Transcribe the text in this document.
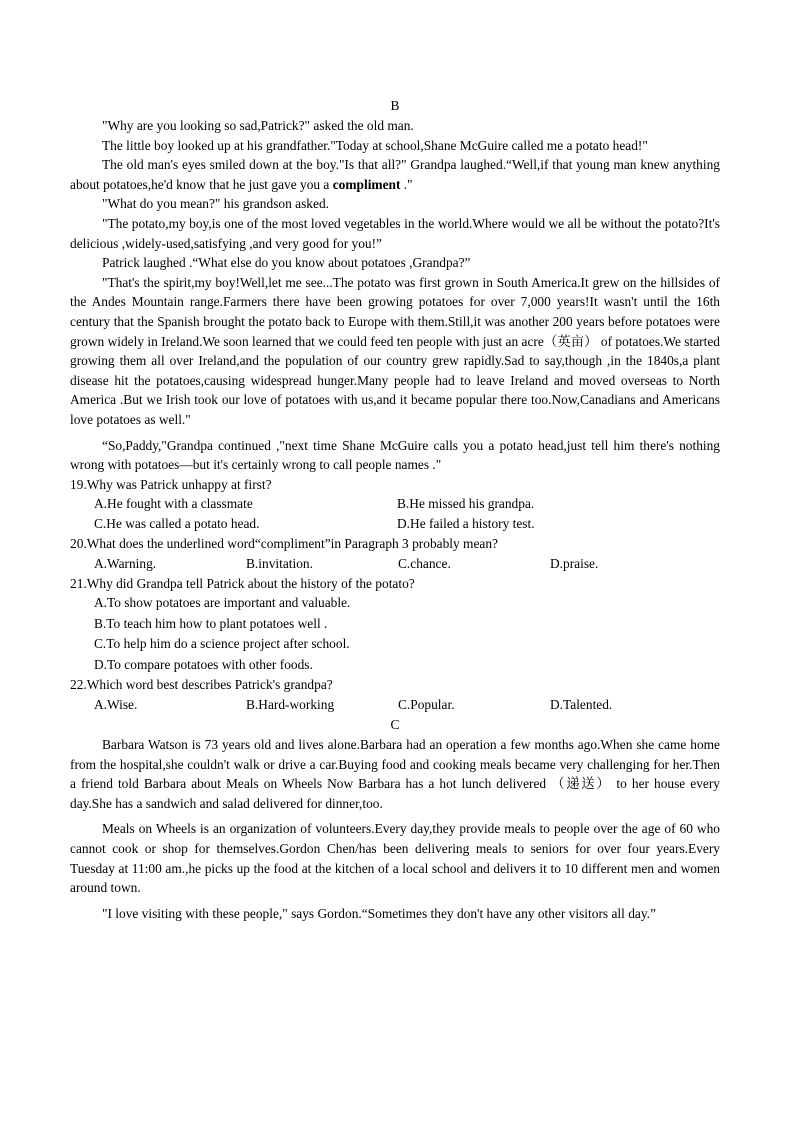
B

"Why are you looking so sad,Patrick?" asked the old man.

The little boy looked up at his grandfather."Today at school,Shane McGuire called me a potato head!"

The old man's eyes smiled down at the boy."Is that all?" Grandpa laughed.“Well,if that young man knew anything about potatoes,he'd know that he just gave you a compliment ."

"What do you mean?" his grandson asked.

"The potato,my boy,is one of the most loved vegetables in the world.Where would we all be without the potato?It's delicious ,widely-used,satisfying ,and very good for you!”

Patrick laughed .“What else do you know about potatoes ,Grandpa?”

"That's the spirit,my boy!Well,let me see...The potato was first grown in South America.It grew on the hillsides of the Andes Mountain range.Farmers there have been growing potatoes for over 7,000 years!It wasn't until the 16th century that the Spanish brought the potato back to Europe with them.Still,it was another 200 years before potatoes were grown widely in Ireland.We soon learned that we could feed ten people with just an acre（英亩） of potatoes.We started growing them all over Ireland,and the population of our country grew rapidly.Sad to say,though ,in the 1840s,a plant disease hit the potatoes,causing widespread hunger.Many people had to leave Ireland and moved overseas to North America .But we Irish took our love of potatoes with us,and it became popular there too.Now,Canadians and Americans love potatoes as well."

“So,Paddy,"Grandpa continued ,"next time Shane McGuire calls you a potato head,just tell him there's nothing wrong with potatoes—but it's certainly wrong to call people names ."

19.Why was Patrick unhappy at first?
A.He fought with a classmate	B.He missed his grandpa.
C.He was called a potato head.	D.He failed a history test.
20.What does the underlined word“compliment”in Paragraph 3 probably mean?
A.Warning.	B.invitation.	C.chance.	D.praise.
21.Why did Grandpa tell Patrick about the history of the potato?
A.To show potatoes are important and valuable.
B.To teach him how to plant potatoes well .
C.To help him do a science project after school.
D.To compare potatoes with other foods.
22.Which word best describes Patrick's grandpa?
A.Wise.	B.Hard-working	C.Popular.	D.Talented.
C

Barbara Watson is 73 years old and lives alone.Barbara had an operation a few months ago.When she came home from the hospital,she couldn't walk or drive a car.Buying food and cooking meals became very challenging for her.Then a friend told Barbara about Meals on Wheels Now Barbara has a hot lunch delivered （递送） to her house every day.She has a sandwich and salad delivered for dinner,too.

Meals on Wheels is an organization of volunteers.Every day,they provide meals to people over the age of 60 who cannot cook or shop for themselves.Gordon Chen/has been delivering meals to seniors for over four years.Every Tuesday at 11:00 am.,he picks up the food at the kitchen of a local school and delivers it to 10 different men and women around town.

"I love visiting with these people," says Gordon.“Sometimes they don't have any other visitors all day.”
